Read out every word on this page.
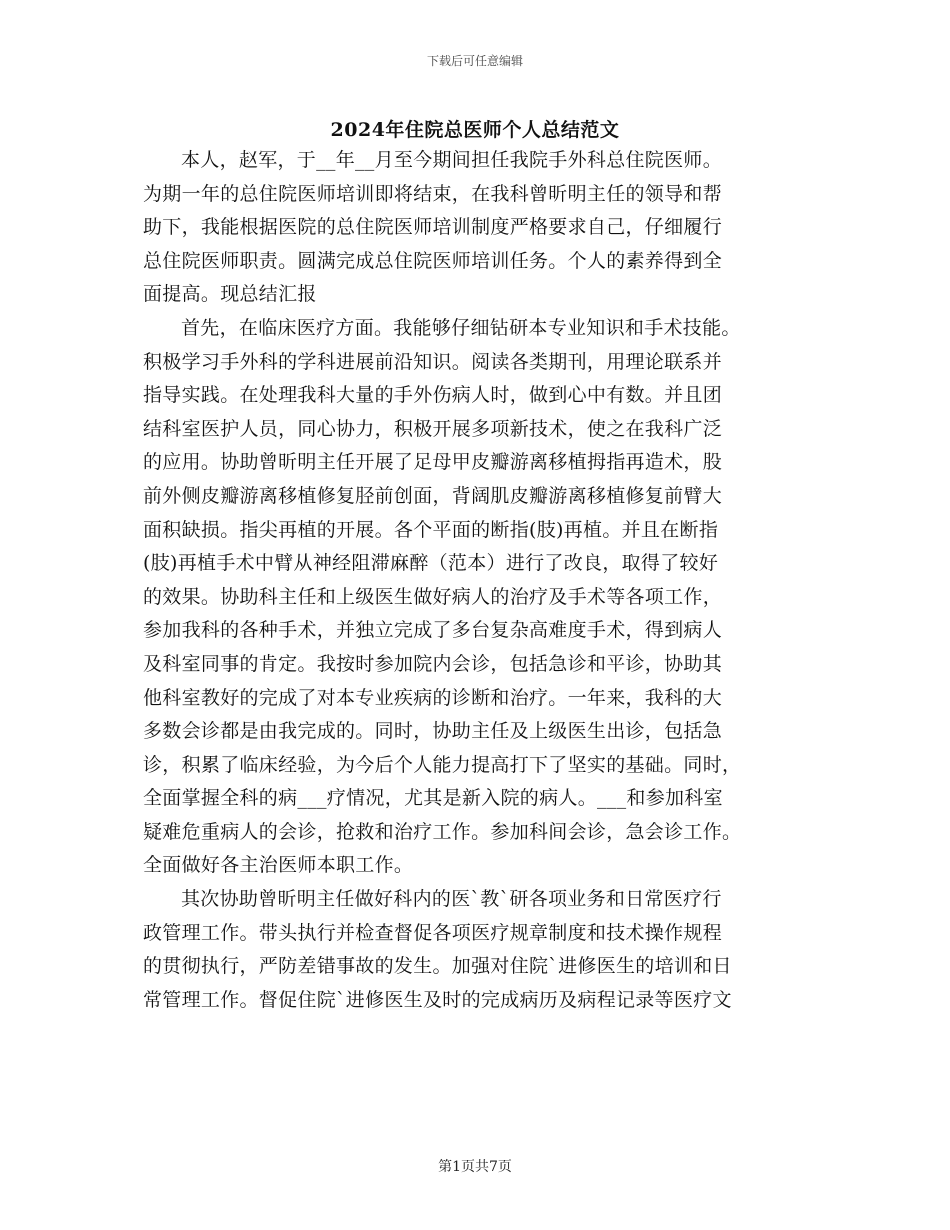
下载后可任意编辑
2024年住院总医师个人总结范文
本人，赵军，于__年__月至今期间担任我院手外科总住院医师。
为期一年的总住院医师培训即将结束，在我科曾昕明主任的领导和帮
助下，我能根据医院的总住院医师培训制度严格要求自己，仔细履行
总住院医师职责。圆满完成总住院医师培训任务。个人的素养得到全
面提高。现总结汇报
首先，在临床医疗方面。我能够仔细钻研本专业知识和手术技能。
积极学习手外科的学科进展前沿知识。阅读各类期刊，用理论联系并
指导实践。在处理我科大量的手外伤病人时，做到心中有数。并且团
结科室医护人员，同心协力，积极开展多项新技术，使之在我科广泛
的应用。协助曾昕明主任开展了足母甲皮瓣游离移植拇指再造术，股
前外侧皮瓣游离移植修复胫前创面，背阔肌皮瓣游离移植修复前臂大
面积缺损。指尖再植的开展。各个平面的断指(肢)再植。并且在断指
(肢)再植手术中臂从神经阻滞麻醉（范本）进行了改良，取得了较好
的效果。协助科主任和上级医生做好病人的治疗及手术等各项工作，
参加我科的各种手术，并独立完成了多台复杂高难度手术，得到病人
及科室同事的肯定。我按时参加院内会诊，包括急诊和平诊，协助其
他科室教好的完成了对本专业疾病的诊断和治疗。一年来，我科的大
多数会诊都是由我完成的。同时，协助主任及上级医生出诊，包括急
诊，积累了临床经验，为今后个人能力提高打下了坚实的基础。同时，
全面掌握全科的病___疗情况，尤其是新入院的病人。___和参加科室
疑难危重病人的会诊，抢救和治疗工作。参加科间会诊，急会诊工作。
全面做好各主治医师本职工作。
其次协助曾昕明主任做好科内的医`教`研各项业务和日常医疗行
政管理工作。带头执行并检查督促各项医疗规章制度和技术操作规程
的贯彻执行，严防差错事故的发生。加强对住院`进修医生的培训和日
常管理工作。督促住院`进修医生及时的完成病历及病程记录等医疗文
第1页共7页
